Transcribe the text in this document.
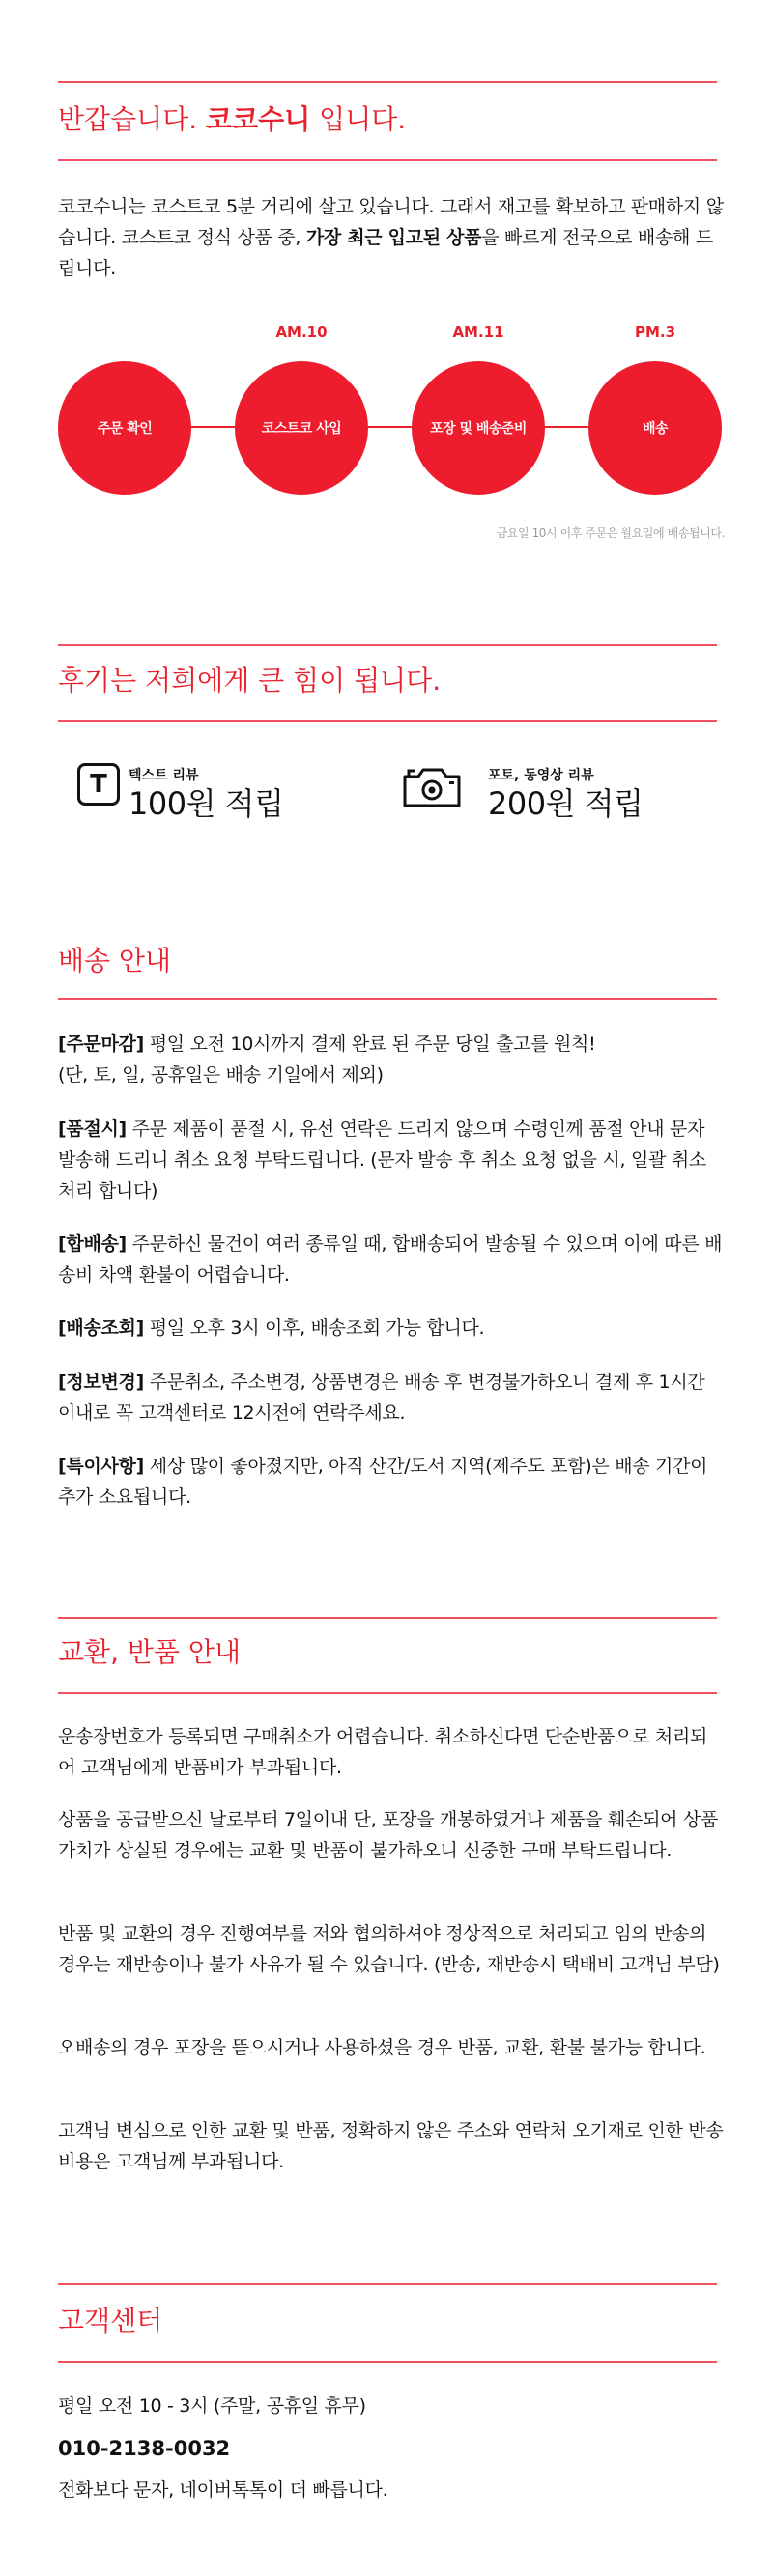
반갑습니다. 코코수니 입니다.
코코수니는 코스트코 5분 거리에 살고 있습니다. 그래서 재고를 확보하고 판매하지 않습니다. 코스트코 정식 상품 중, 가장 최근 입고된 상품을 빠르게 전국으로 배송해 드립니다.
주문 확인
AM.10
코스트코 사입
AM.11
포장 및 배송준비
PM.3
배송
금요일 10시 이후 주문은 월요일에 배송됩니다.
후기는 저희에게 큰 힘이 됩니다.
T	텍스트 리뷰
100원 적립
포토, 동영상 리뷰
200원 적립
배송 안내
[주문마감] 평일 오전 10시까지 결제 완료 된 주문 당일 출고를 원칙!
(단, 토, 일, 공휴일은 배송 기일에서 제외)
[품절시] 주문 제품이 품절 시, 유선 연락은 드리지 않으며 수령인께 품절 안내 문자 발송해 드리니 취소 요청 부탁드립니다. (문자 발송 후 취소 요청 없을 시, 일괄 취소 처리 합니다)
[합배송] 주문하신 물건이 여러 종류일 때, 합배송되어 발송될 수 있으며 이에 따른 배송비 차액 환불이 어렵습니다.
[배송조회] 평일 오후 3시 이후, 배송조회 가능 합니다.
[정보변경] 주문취소, 주소변경, 상품변경은 배송 후 변경불가하오니 결제 후 1시간 이내로 꼭 고객센터로 12시전에 연락주세요.
[특이사항] 세상 많이 좋아졌지만, 아직 산간/도서 지역(제주도 포함)은 배송 기간이 추가 소요됩니다.
교환, 반품 안내
운송장번호가 등록되면 구매취소가 어렵습니다. 취소하신다면 단순반품으로 처리되어 고객님에게 반품비가 부과됩니다.
상품을 공급받으신 날로부터 7일이내 단, 포장을 개봉하였거나 제품을 훼손되어 상품가치가 상실된 경우에는 교환 및 반품이 불가하오니 신중한 구매 부탁드립니다.
반품 및 교환의 경우 진행여부를 저와 협의하셔야 정상적으로 처리되고 임의 반송의 경우는 재반송이나 불가 사유가 될 수 있습니다. (반송, 재반송시 택배비 고객님 부담)
오배송의 경우 포장을 뜯으시거나 사용하셨을 경우 반품, 교환, 환불 불가능 합니다.
고객님 변심으로 인한 교환 및 반품, 정확하지 않은 주소와 연락처 오기재로 인한 반송비용은 고객님께 부과됩니다.
고객센터
평일 오전 10 - 3시 (주말, 공휴일 휴무)
010-2138-0032
전화보다 문자, 네이버톡톡이 더 빠릅니다.
